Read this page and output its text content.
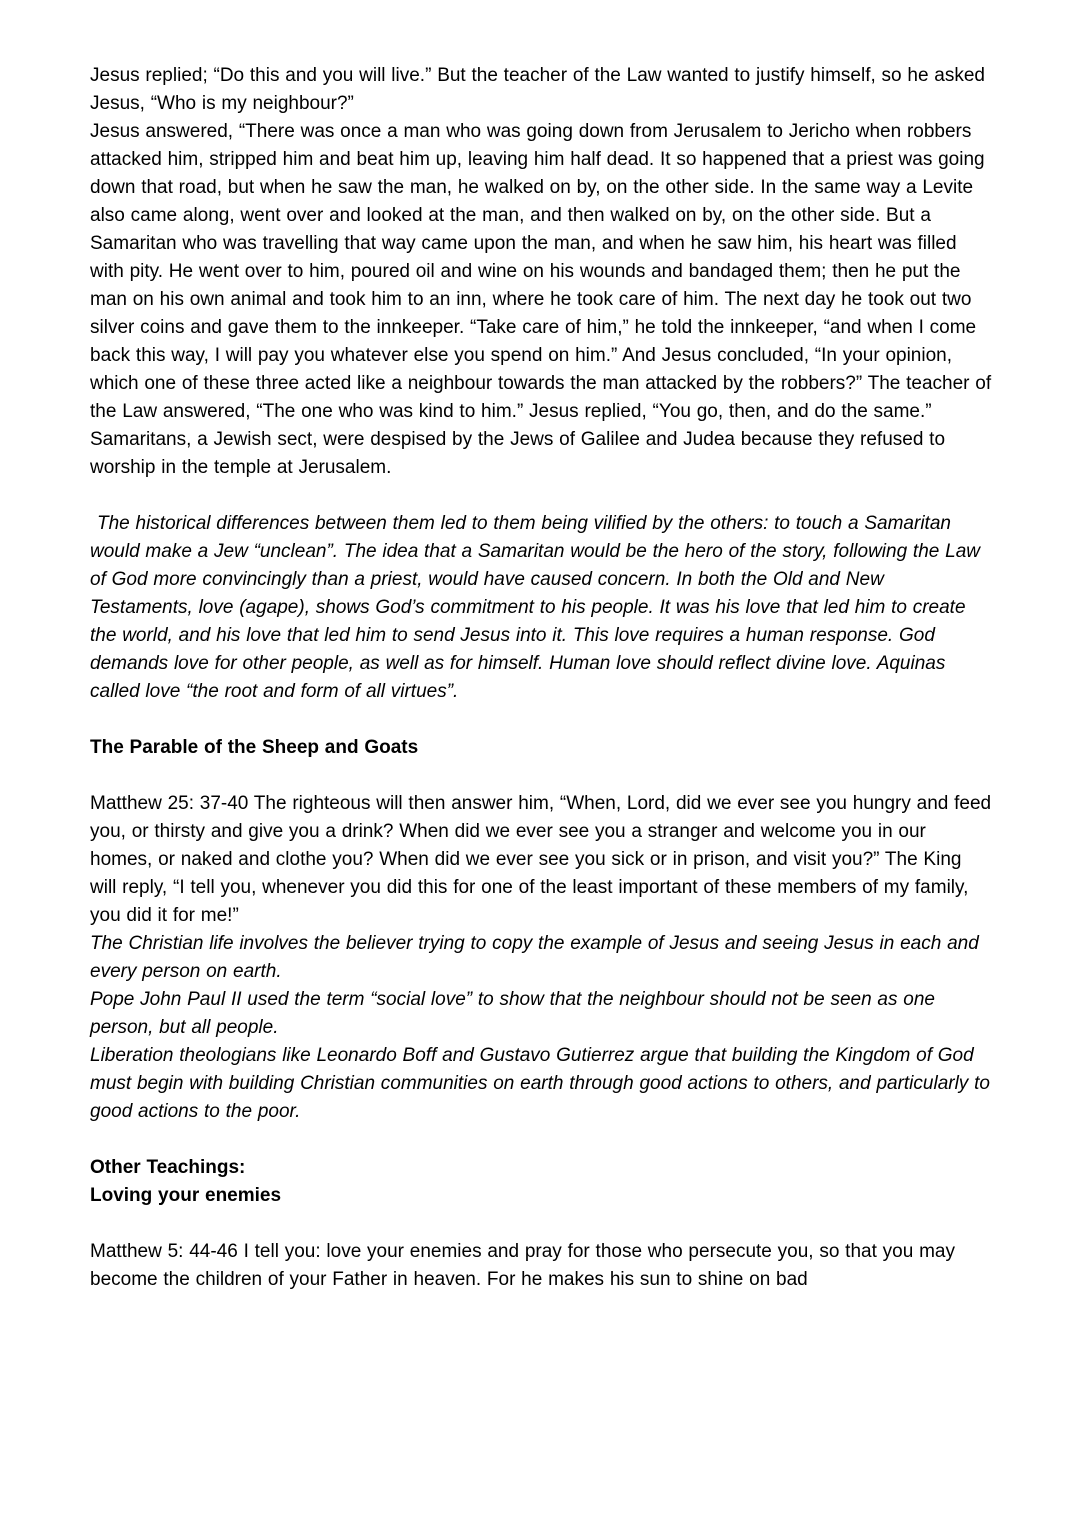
Jesus replied; “Do this and you will live.” But the teacher of the Law wanted to justify himself, so he asked Jesus, “Who is my neighbour?”

Jesus answered, “There was once a man who was going down from Jerusalem to Jericho when robbers attacked him, stripped him and beat him up, leaving him half dead. It so happened that a priest was going down that road, but when he saw the man, he walked on by, on the other side. In the same way a Levite also came along, went over and looked at the man, and then walked on by, on the other side. But a Samaritan who was travelling that way came upon the man, and when he saw him, his heart was filled with pity. He went over to him, poured oil and wine on his wounds and bandaged them; then he put the man on his own animal and took him to an inn, where he took care of him. The next day he took out two silver coins and gave them to the innkeeper. “Take care of him,” he told the innkeeper, “and when I come back this way, I will pay you whatever else you spend on him.” And Jesus concluded, “In your opinion, which one of these three acted like a neighbour towards the man attacked by the robbers?” The teacher of the Law answered, “The one who was kind to him.” Jesus replied, “You go, then, and do the same.”

Samaritans, a Jewish sect, were despised by the Jews of Galilee and Judea because they refused to worship in the temple at Jerusalem.

The historical differences between them led to them being vilified by the others: to touch a Samaritan would make a Jew “unclean”. The idea that a Samaritan would be the hero of the story, following the Law of God more convincingly than a priest, would have caused concern. In both the Old and New Testaments, love (agape), shows God’s commitment to his people. It was his love that led him to create the world, and his love that led him to send Jesus into it. This love requires a human response. God demands love for other people, as well as for himself. Human love should reflect divine love. Aquinas called love “the root and form of all virtues”.

The Parable of the Sheep and Goats

Matthew 25: 37-40 The righteous will then answer him, “When, Lord, did we ever see you hungry and feed you, or thirsty and give you a drink? When did we ever see you a stranger and welcome you in our homes, or naked and clothe you? When did we ever see you sick or in prison, and visit you?” The King will reply, “I tell you, whenever you did this for one of the least important of these members of my family, you did it for me!”

The Christian life involves the believer trying to copy the example of Jesus and seeing Jesus in each and every person on earth.

Pope John Paul II used the term “social love” to show that the neighbour should not be seen as one person, but all people.

Liberation theologians like Leonardo Boff and Gustavo Gutierrez argue that building the Kingdom of God must begin with building Christian communities on earth through good actions to others, and particularly to good actions to the poor.

Other Teachings:

Loving your enemies

Matthew 5: 44-46 I tell you: love your enemies and pray for those who persecute you, so that you may become the children of your Father in heaven. For he makes his sun to shine on bad
